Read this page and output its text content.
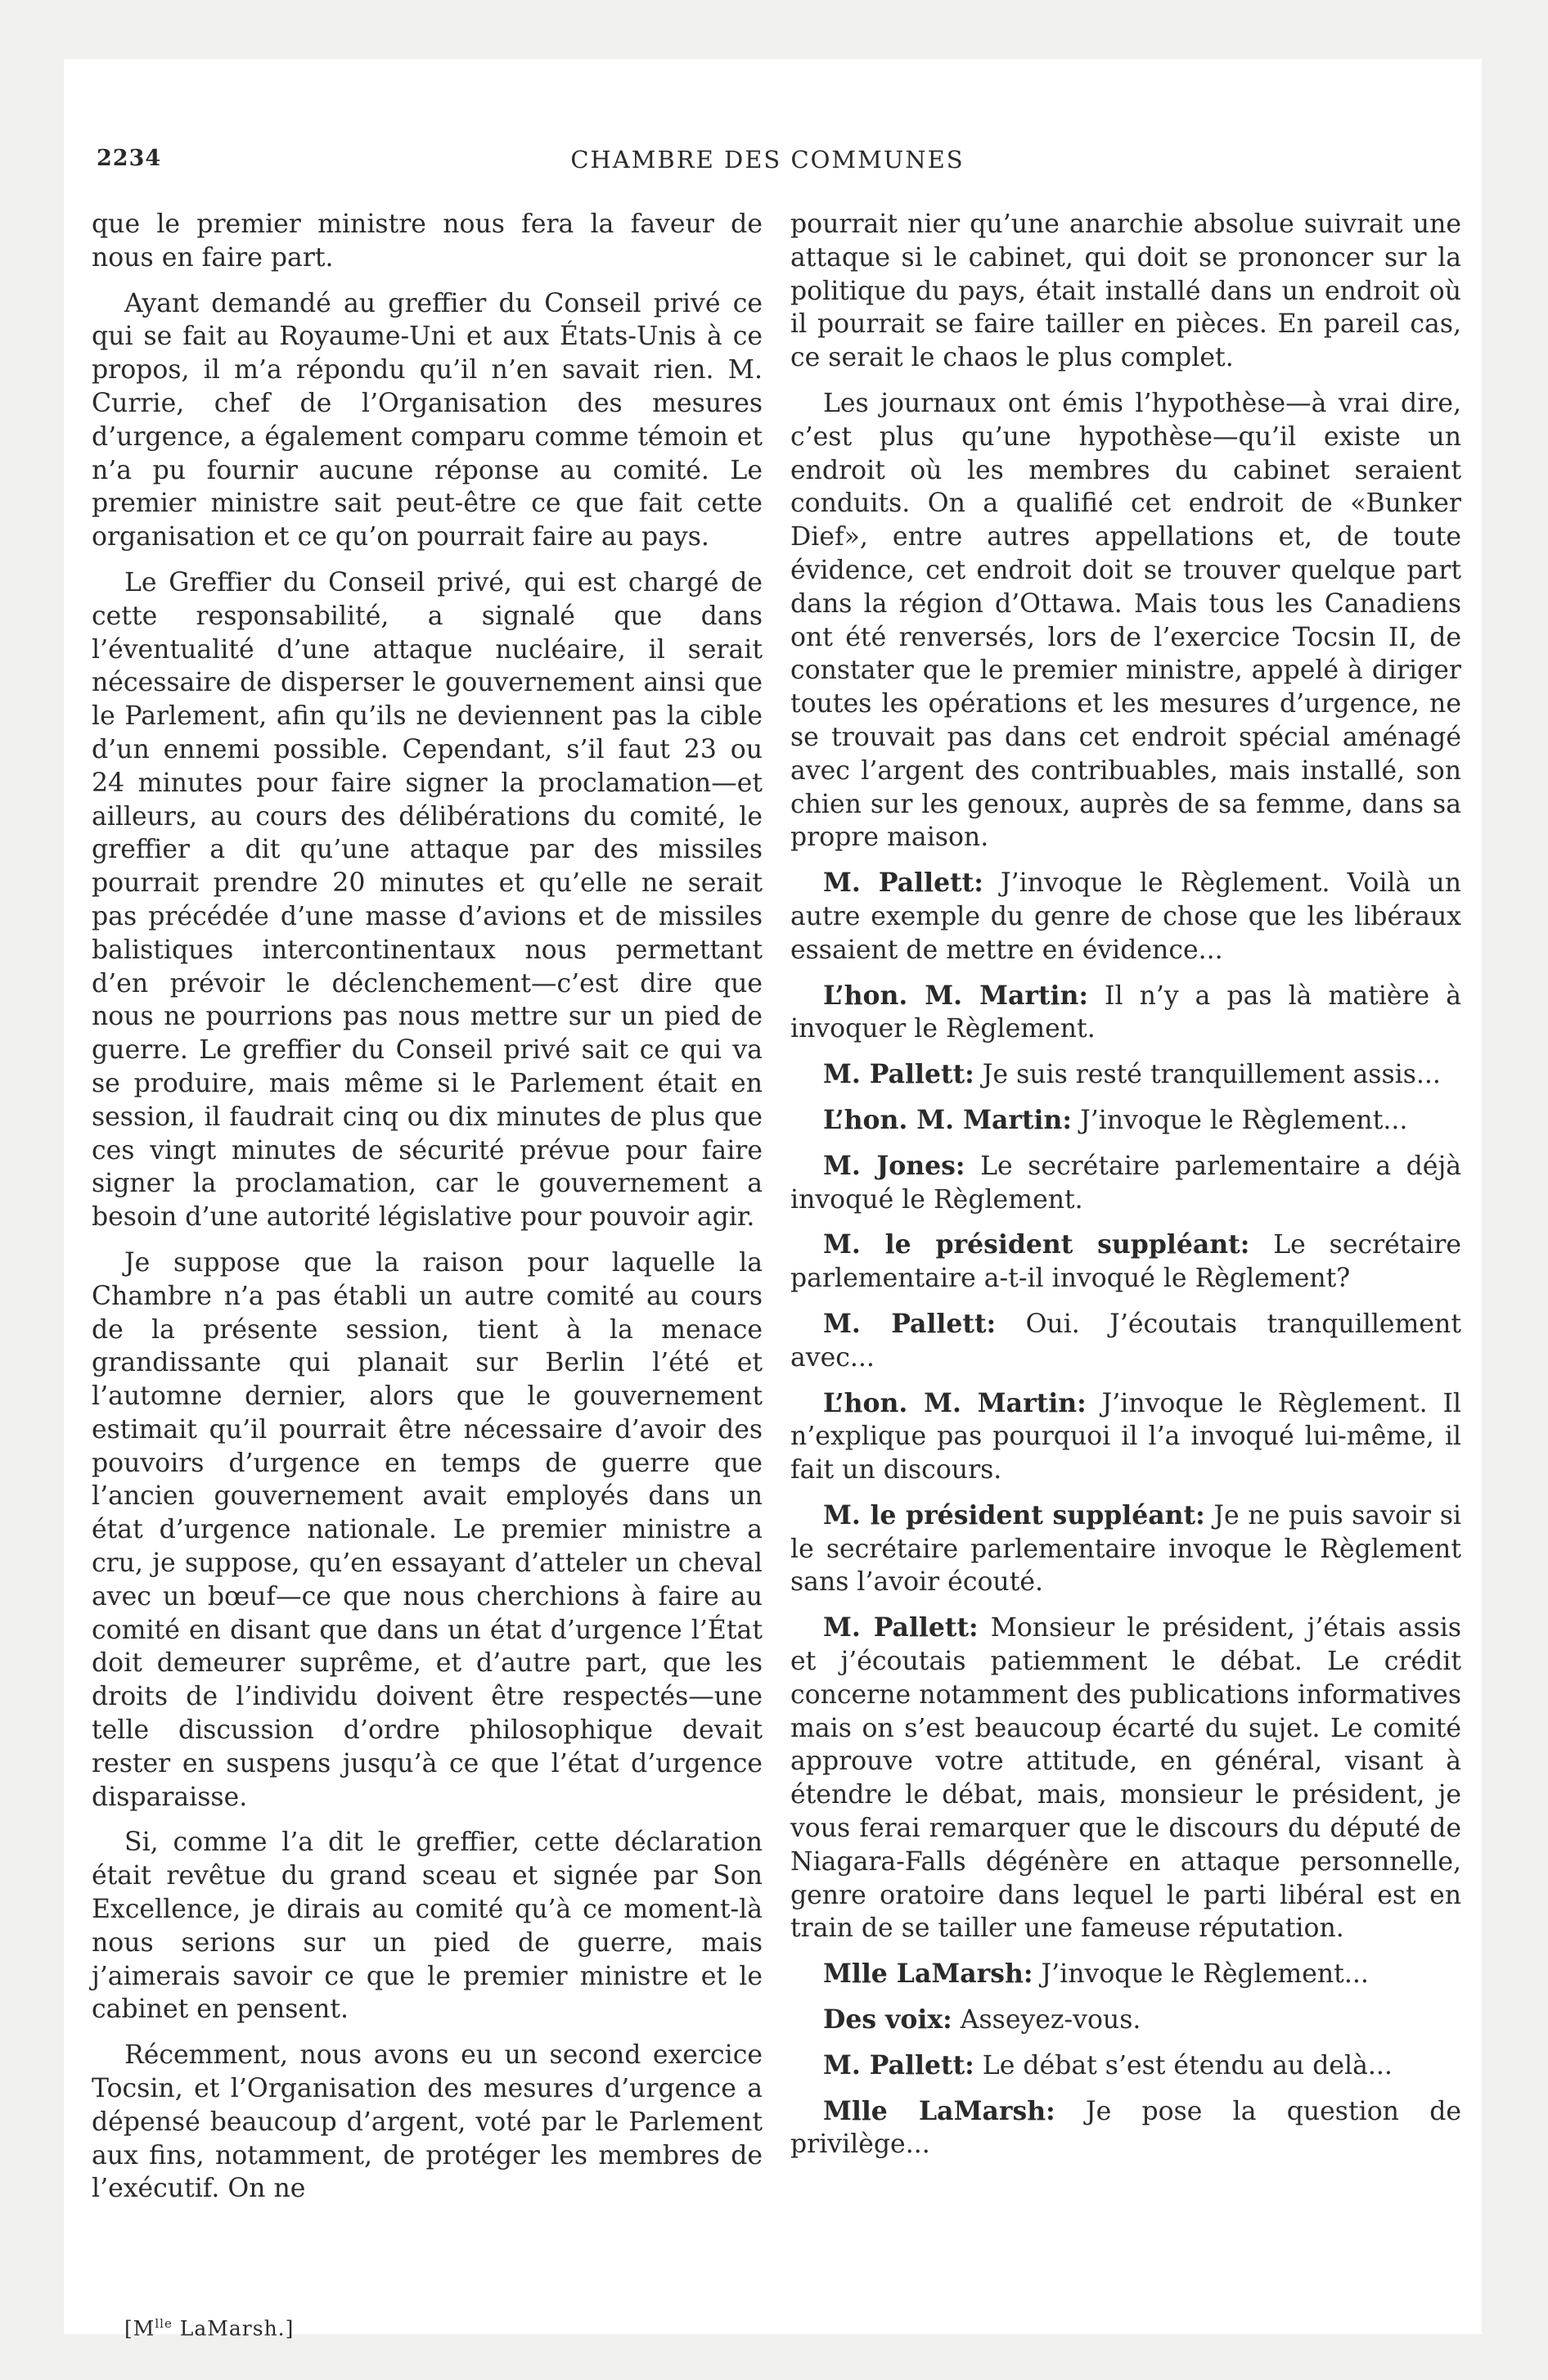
2234	CHAMBRE DES COMMUNES

que le premier ministre nous fera la faveur de nous en faire part.

Ayant demandé au greffier du Conseil privé ce qui se fait au Royaume-Uni et aux États-Unis à ce propos, il m’a répondu qu’il n’en savait rien. M. Currie, chef de l’Organisation des mesures d’urgence, a également comparu comme témoin et n’a pu fournir aucune réponse au comité. Le premier ministre sait peut-être ce que fait cette organisation et ce qu’on pourrait faire au pays.

Le Greffier du Conseil privé, qui est chargé de cette responsabilité, a signalé que dans l’éventualité d’une attaque nucléaire, il serait nécessaire de disperser le gouvernement ainsi que le Parlement, afin qu’ils ne deviennent pas la cible d’un ennemi possible. Cependant, s’il faut 23 ou 24 minutes pour faire signer la proclamation—et ailleurs, au cours des délibérations du comité, le greffier a dit qu’une attaque par des missiles pourrait prendre 20 minutes et qu’elle ne serait pas précédée d’une masse d’avions et de missiles balistiques intercontinentaux nous permettant d’en prévoir le déclenchement—c’est dire que nous ne pourrions pas nous mettre sur un pied de guerre. Le greffier du Conseil privé sait ce qui va se produire, mais même si le Parlement était en session, il faudrait cinq ou dix minutes de plus que ces vingt minutes de sécurité prévue pour faire signer la proclamation, car le gouvernement a besoin d’une autorité législative pour pouvoir agir.

Je suppose que la raison pour laquelle la Chambre n’a pas établi un autre comité au cours de la présente session, tient à la menace grandissante qui planait sur Berlin l’été et l’automne dernier, alors que le gouvernement estimait qu’il pourrait être nécessaire d’avoir des pouvoirs d’urgence en temps de guerre que l’ancien gouvernement avait employés dans un état d’urgence nationale. Le premier ministre a cru, je suppose, qu’en essayant d’atteler un cheval avec un bœuf—ce que nous cherchions à faire au comité en disant que dans un état d’urgence l’État doit demeurer suprême, et d’autre part, que les droits de l’individu doivent être respectés—une telle discussion d’ordre philosophique devait rester en suspens jusqu’à ce que l’état d’urgence disparaisse.

Si, comme l’a dit le greffier, cette déclaration était revêtue du grand sceau et signée par Son Excellence, je dirais au comité qu’à ce moment-là nous serions sur un pied de guerre, mais j’aimerais savoir ce que le premier ministre et le cabinet en pensent.

Récemment, nous avons eu un second exercice Tocsin, et l’Organisation des mesures d’urgence a dépensé beaucoup d’argent, voté par le Parlement aux fins, notamment, de protéger les membres de l’exécutif. On ne

pourrait nier qu’une anarchie absolue suivrait une attaque si le cabinet, qui doit se prononcer sur la politique du pays, était installé dans un endroit où il pourrait se faire tailler en pièces. En pareil cas, ce serait le chaos le plus complet.

Les journaux ont émis l’hypothèse—à vrai dire, c’est plus qu’une hypothèse—qu’il existe un endroit où les membres du cabinet seraient conduits. On a qualifié cet endroit de «Bunker Dief», entre autres appellations et, de toute évidence, cet endroit doit se trouver quelque part dans la région d’Ottawa. Mais tous les Canadiens ont été renversés, lors de l’exercice Tocsin II, de constater que le premier ministre, appelé à diriger toutes les opérations et les mesures d’urgence, ne se trouvait pas dans cet endroit spécial aménagé avec l’argent des contribuables, mais installé, son chien sur les genoux, auprès de sa femme, dans sa propre maison.

M. Pallett: J’invoque le Règlement. Voilà un autre exemple du genre de chose que les libéraux essaient de mettre en évidence...

L’hon. M. Martin: Il n’y a pas là matière à invoquer le Règlement.

M. Pallett: Je suis resté tranquillement assis...

L’hon. M. Martin: J’invoque le Règlement...

M. Jones: Le secrétaire parlementaire a déjà invoqué le Règlement.

M. le président suppléant: Le secrétaire parlementaire a-t-il invoqué le Règlement?

M. Pallett: Oui. J’écoutais tranquillement avec...

L’hon. M. Martin: J’invoque le Règlement. Il n’explique pas pourquoi il l’a invoqué lui-même, il fait un discours.

M. le président suppléant: Je ne puis savoir si le secrétaire parlementaire invoque le Règlement sans l’avoir écouté.

M. Pallett: Monsieur le président, j’étais assis et j’écoutais patiemment le débat. Le crédit concerne notamment des publications informatives mais on s’est beaucoup écarté du sujet. Le comité approuve votre attitude, en général, visant à étendre le débat, mais, monsieur le président, je vous ferai remarquer que le discours du député de Niagara-Falls dégénère en attaque personnelle, genre oratoire dans lequel le parti libéral est en train de se tailler une fameuse réputation.

Mlle LaMarsh: J’invoque le Règlement...

Des voix: Asseyez-vous.

M. Pallett: Le débat s’est étendu au delà...

Mlle LaMarsh: Je pose la question de privilège...

[$M^{lle}$ LaMarsh.]
